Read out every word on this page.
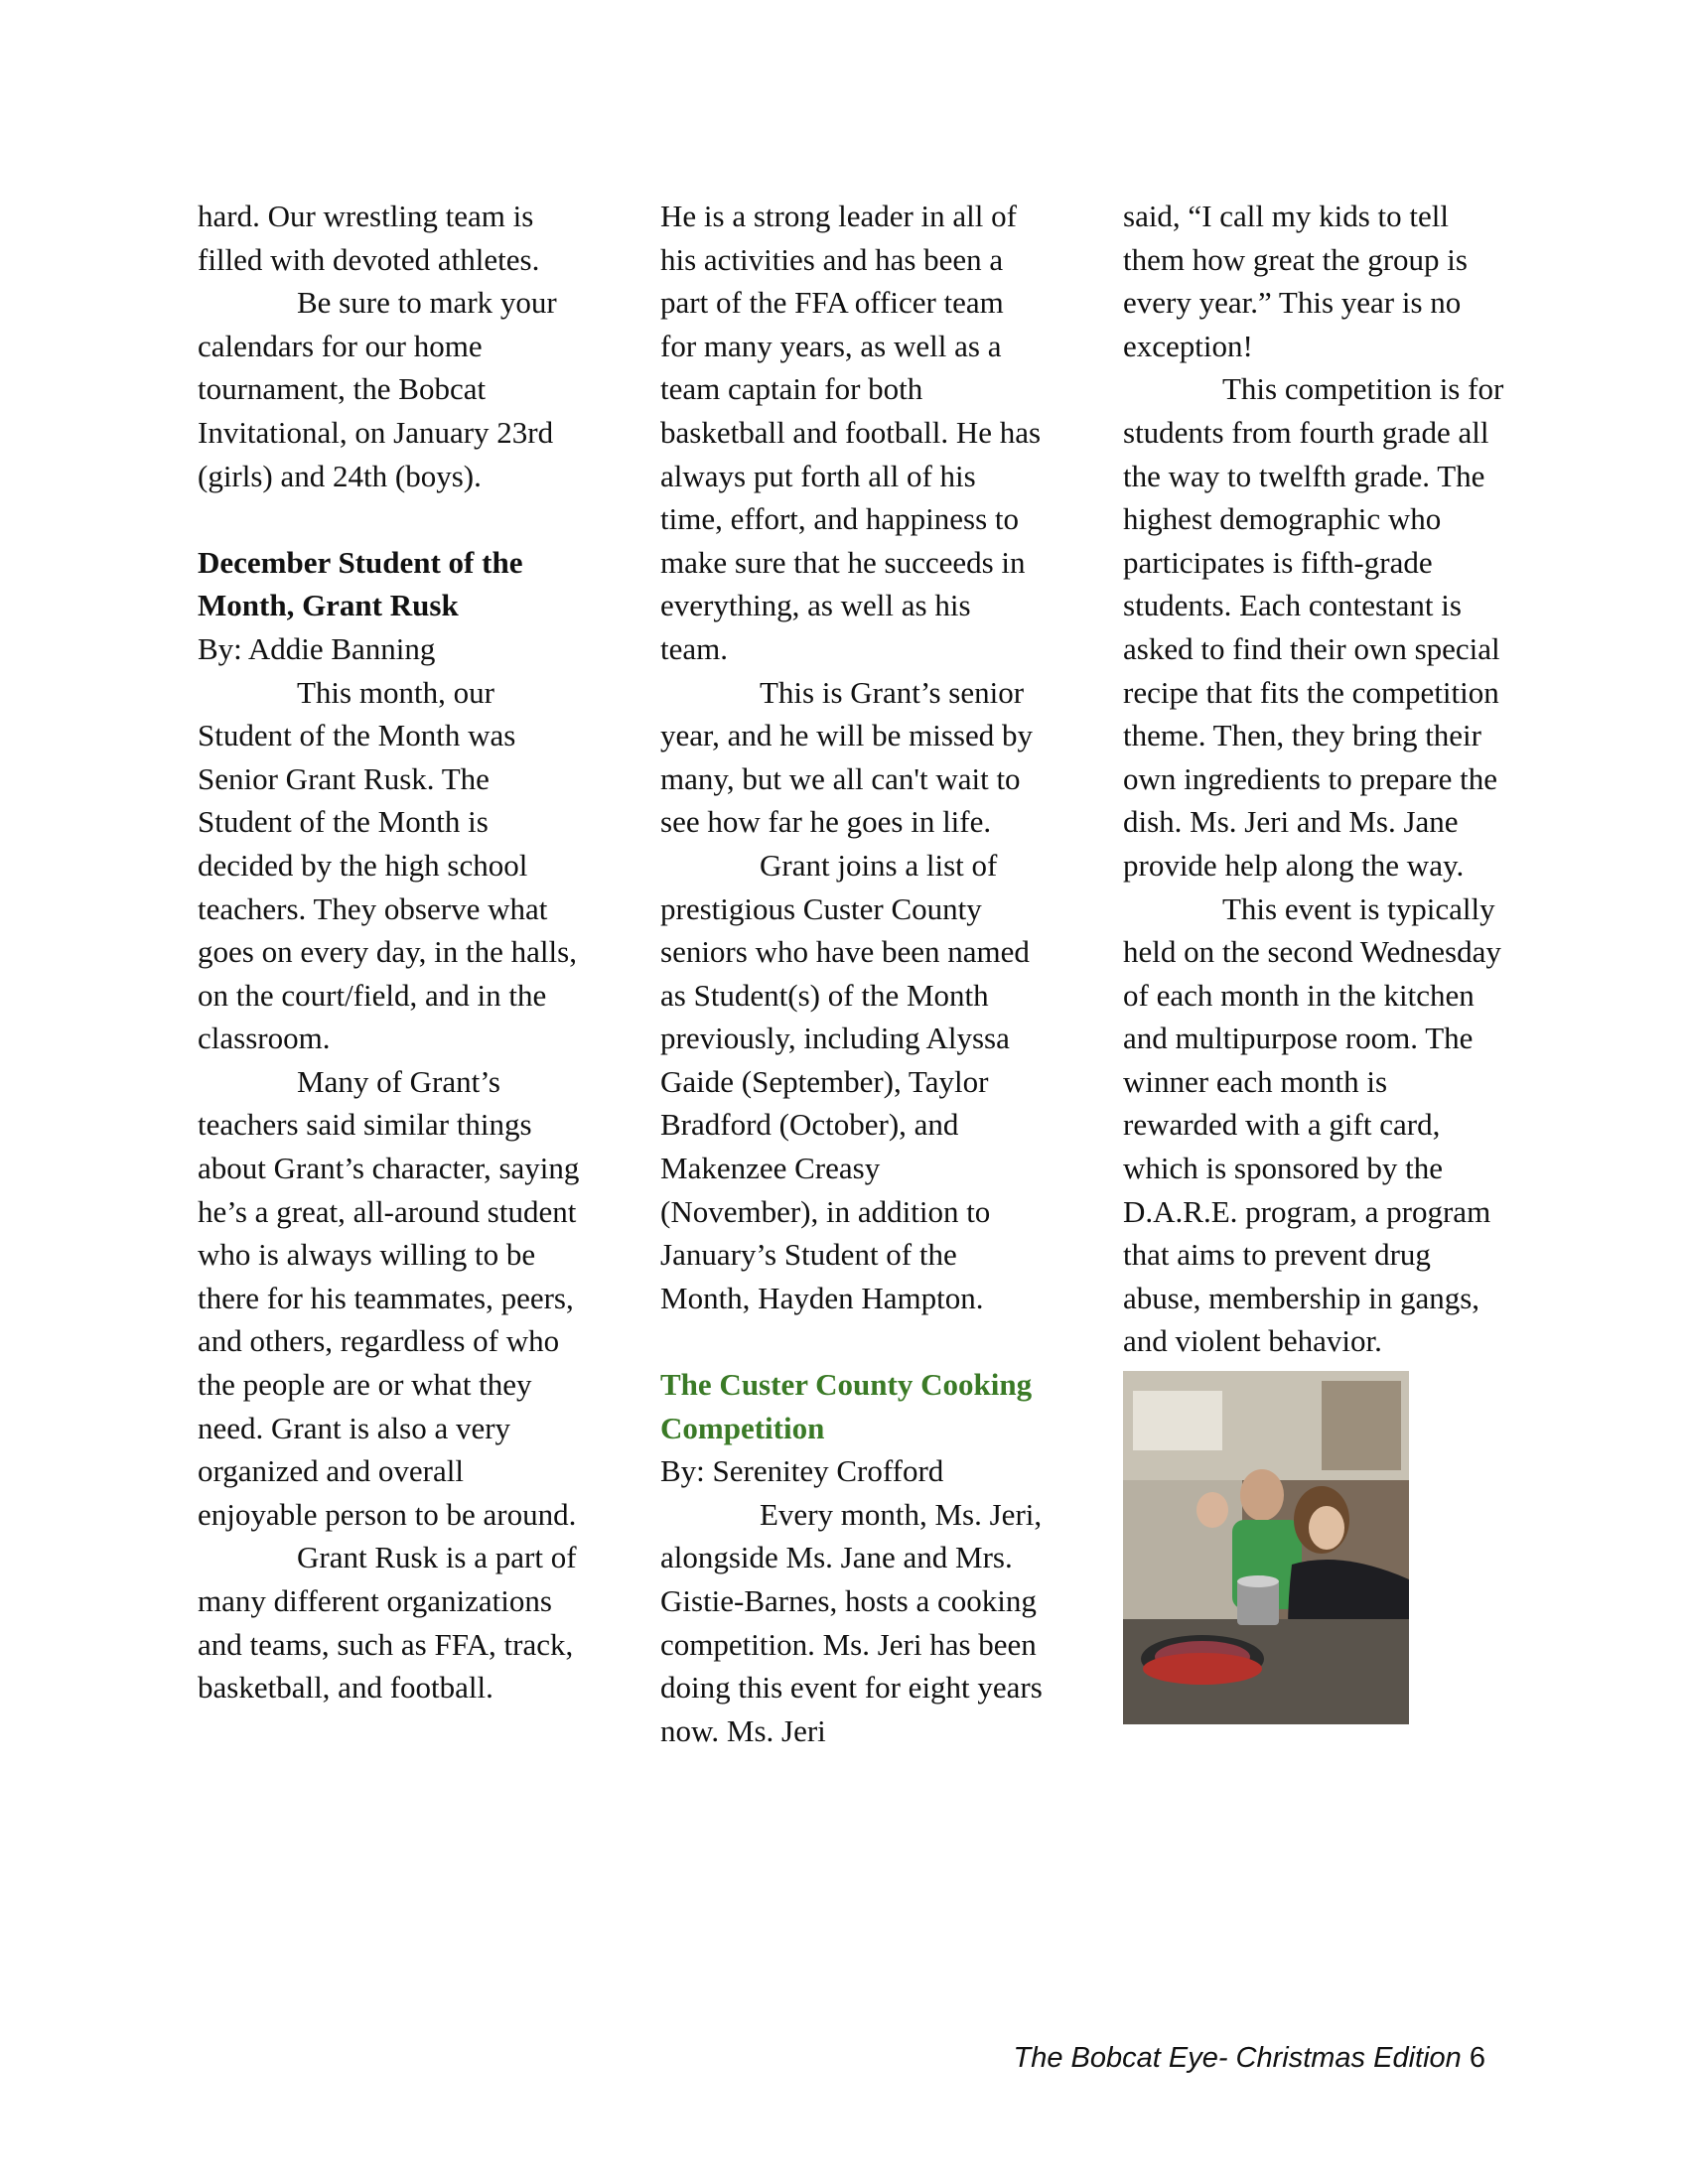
hard. Our wrestling team is filled with devoted athletes.

Be sure to mark your calendars for our home tournament, the Bobcat Invitational, on January 23rd (girls) and 24th (boys).

December Student of the Month, Grant Rusk

By: Addie Banning

This month, our Student of the Month was Senior Grant Rusk. The Student of the Month is decided by the high school teachers. They observe what goes on every day, in the halls, on the court/field, and in the classroom.

Many of Grant’s teachers said similar things about Grant’s character, saying he’s a great, all-around student who is always willing to be there for his teammates, peers, and others, regardless of who the people are or what they need. Grant is also a very organized and overall enjoyable person to be around.

Grant Rusk is a part of many different organizations and teams, such as FFA, track, basketball, and football.

He is a strong leader in all of his activities and has been a part of the FFA officer team for many years, as well as a team captain for both basketball and football. He has always put forth all of his time, effort, and happiness to make sure that he succeeds in everything, as well as his team.

This is Grant’s senior year, and he will be missed by many, but we all can't wait to see how far he goes in life.

Grant joins a list of prestigious Custer County seniors who have been named as Student(s) of the Month previously, including Alyssa Gaide (September), Taylor Bradford (October), and Makenzee Creasy (November), in addition to January’s Student of the Month, Hayden Hampton.

The Custer County Cooking Competition

By: Serenitey Crofford

Every month, Ms. Jeri, alongside Ms. Jane and Mrs. Gistie-Barnes, hosts a cooking competition. Ms. Jeri has been doing this event for eight years now. Ms. Jeri

said, “I call my kids to tell them how great the group is every year.” This year is no exception!

This competition is for students from fourth grade all the way to twelfth grade. The highest demographic who participates is fifth-grade students. Each contestant is asked to find their own special recipe that fits the competition theme. Then, they bring their own ingredients to prepare the dish. Ms. Jeri and Ms. Jane provide help along the way.

This event is typically held on the second Wednesday of each month in the kitchen and multipurpose room. The winner each month is rewarded with a gift card, which is sponsored by the D.A.R.E. program, a program that aims to prevent drug abuse, membership in gangs, and violent behavior.

The Bobcat Eye- Christmas Edition 6
